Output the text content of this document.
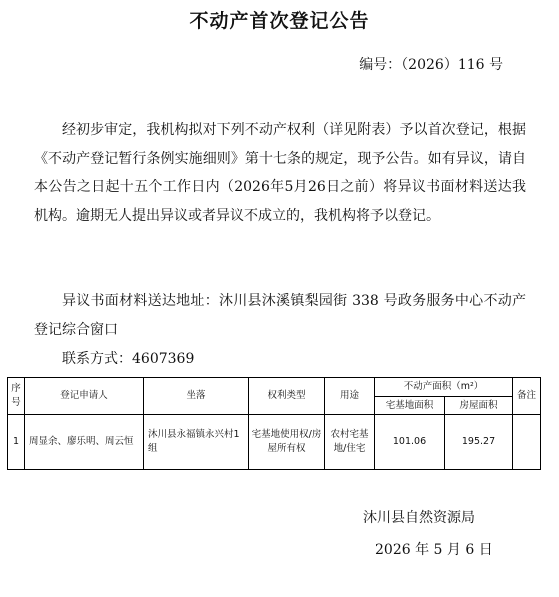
不动产首次登记公告
编号：（2026）116 号

经初步审定，我机构拟对下列不动产权利（详见附表）予以首次登记，根据《不动产登记暂行条例实施细则》第十七条的规定，现予公告。如有异议，请自本公告之日起十五个工作日内（2026年5月26日之前）将异议书面材料送达我机构。逾期无人提出异议或者异议不成立的，我机构将予以登记。

异议书面材料送达地址：沐川县沐溪镇梨园街 338 号政务服务中心不动产登记综合窗口

联系方式：4607369
序号	登记申请人	坐落	权利类型	用途	不动产面积（m²）		备注
					宅基地面积	房屋面积	
1	周显余、廖乐明、周云恒	沐川县永福镇永兴村1组	宅基地使用权/房屋所有权	农村宅基地/住宅	101.06	195.27	
沐川县自然资源局
2026 年 5 月 6 日
